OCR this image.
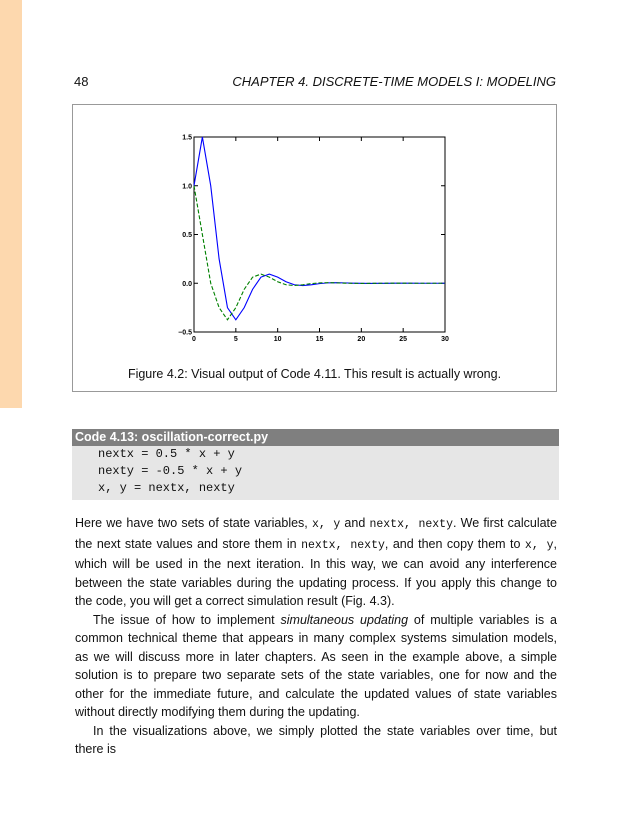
48	CHAPTER 4. DISCRETE-TIME MODELS I: MODELING
0	5	10	15	20	25	30
−0.5
0.0
0.5
1.0
1.5
Figure 4.2: Visual output of Code 4.11. This result is actually wrong.
Code 4.13: oscillation-correct.py
nextx = 0.5 * x + y
nexty = -0.5 * x + y
x, y = nextx, nexty

Here we have two sets of state variables, x, y and nextx, nexty. We first calculate the next state values and store them in nextx, nexty, and then copy them to x, y, which will be used in the next iteration. In this way, we can avoid any interference between the state variables during the updating process. If you apply this change to the code, you will get a correct simulation result (Fig. 4.3).

The issue of how to implement simultaneous updating of multiple variables is a common technical theme that appears in many complex systems simulation models, as we will discuss more in later chapters. As seen in the example above, a simple solution is to prepare two separate sets of the state variables, one for now and the other for the immediate future, and calculate the updated values of state variables without directly modifying them during the updating.

In the visualizations above, we simply plotted the state variables over time, but there is
